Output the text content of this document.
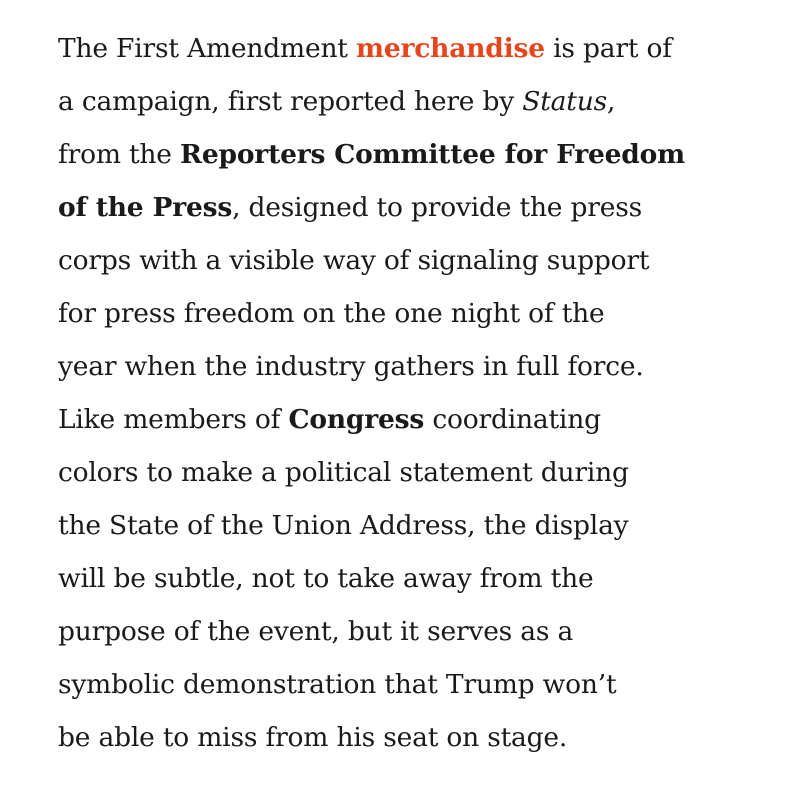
The First Amendment merchandise is part of
a campaign, first reported here by Status,
from the Reporters Committee for Freedom
of the Press, designed to provide the press
corps with a visible way of signaling support
for press freedom on the one night of the
year when the industry gathers in full force.
Like members of Congress coordinating
colors to make a political statement during
the State of the Union Address, the display
will be subtle, not to take away from the
purpose of the event, but it serves as a
symbolic demonstration that Trump won’t
be able to miss from his seat on stage.
